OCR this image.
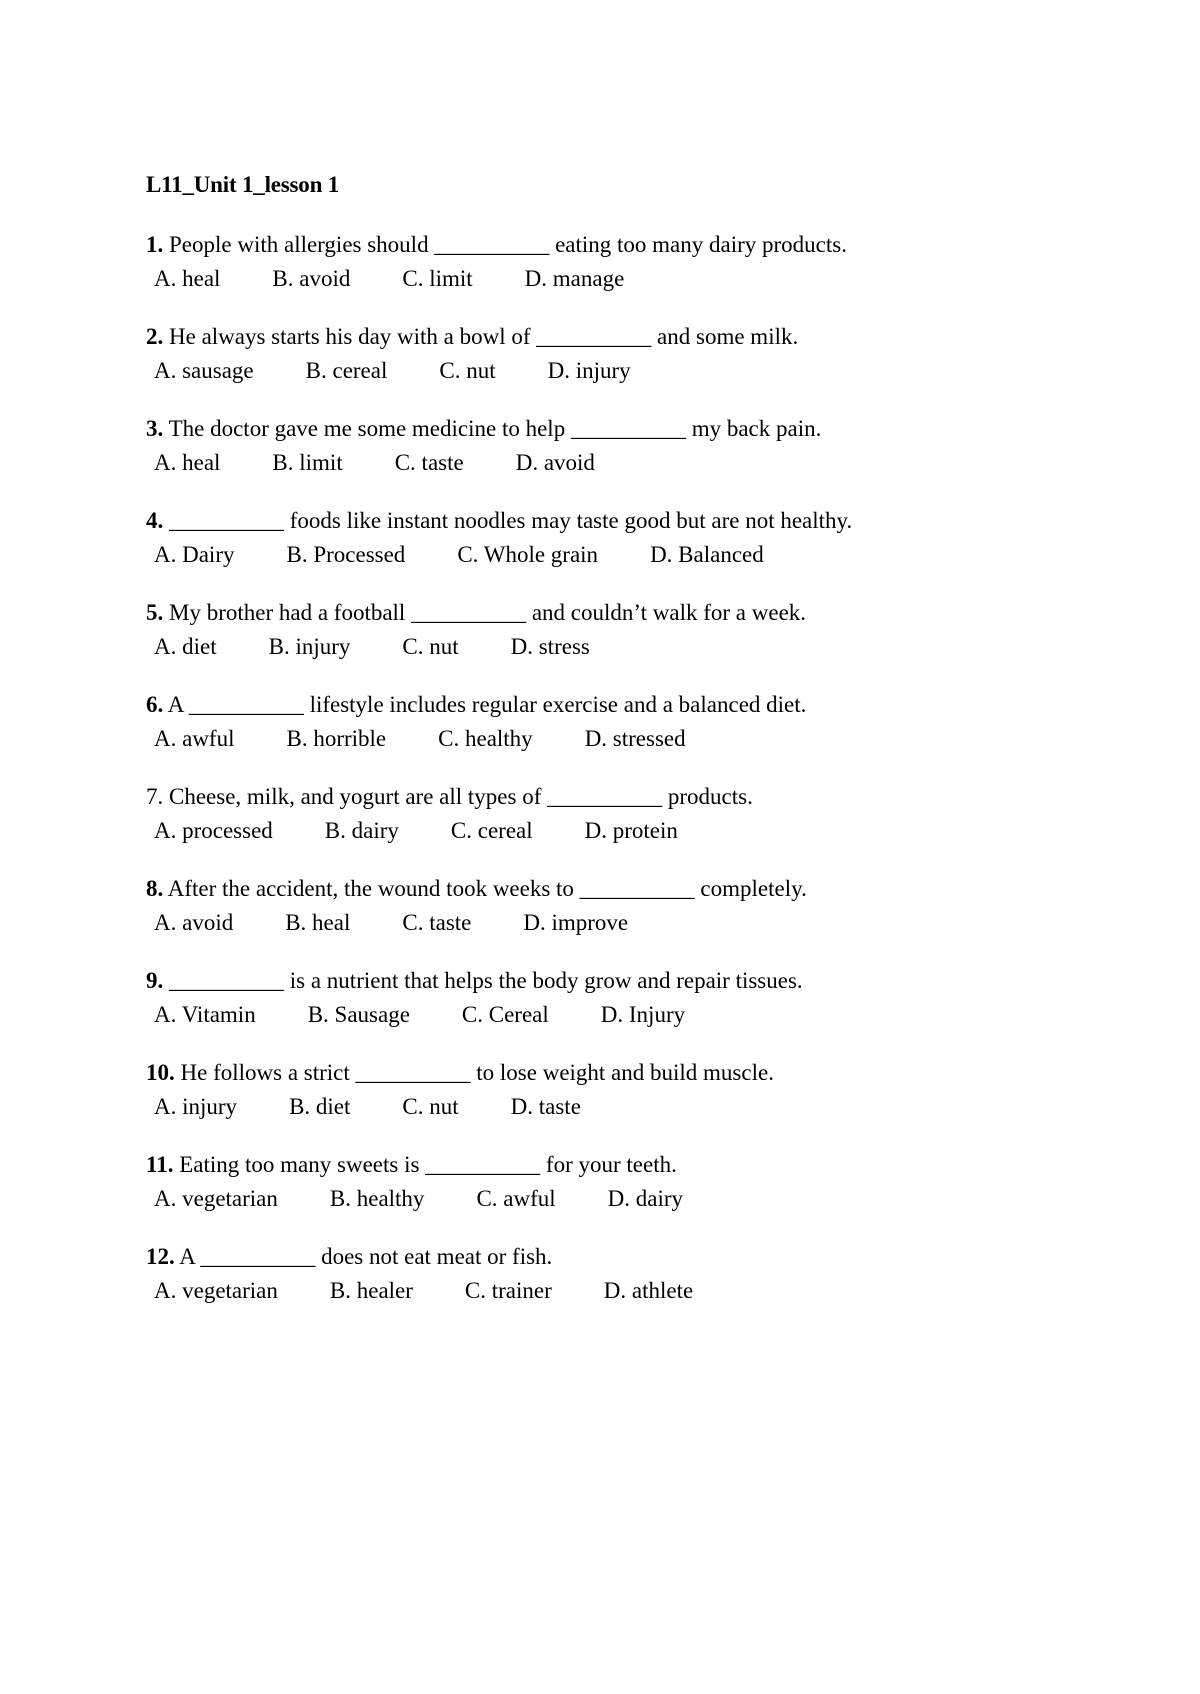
L11_Unit 1_lesson 1

1. People with allergies should __________ eating too many dairy products.

A. heal B. avoid C. limit D. manage

2. He always starts his day with a bowl of __________ and some milk.

A. sausage B. cereal C. nut D. injury

3. The doctor gave me some medicine to help __________ my back pain.

A. heal B. limit C. taste D. avoid

4. __________ foods like instant noodles may taste good but are not healthy.

A. Dairy B. Processed C. Whole grain D. Balanced

5. My brother had a football __________ and couldn’t walk for a week.

A. diet B. injury C. nut D. stress

6. A __________ lifestyle includes regular exercise and a balanced diet.

A. awful B. horrible C. healthy D. stressed

7. Cheese, milk, and yogurt are all types of __________ products.

A. processed B. dairy C. cereal D. protein

8. After the accident, the wound took weeks to __________ completely.

A. avoid B. heal C. taste D. improve

9. __________ is a nutrient that helps the body grow and repair tissues.

A. Vitamin B. Sausage C. Cereal D. Injury

10. He follows a strict __________ to lose weight and build muscle.

A. injury B. diet C. nut D. taste

11. Eating too many sweets is __________ for your teeth.

A. vegetarian B. healthy C. awful D. dairy

12. A __________ does not eat meat or fish.

A. vegetarian B. healer C. trainer D. athlete
